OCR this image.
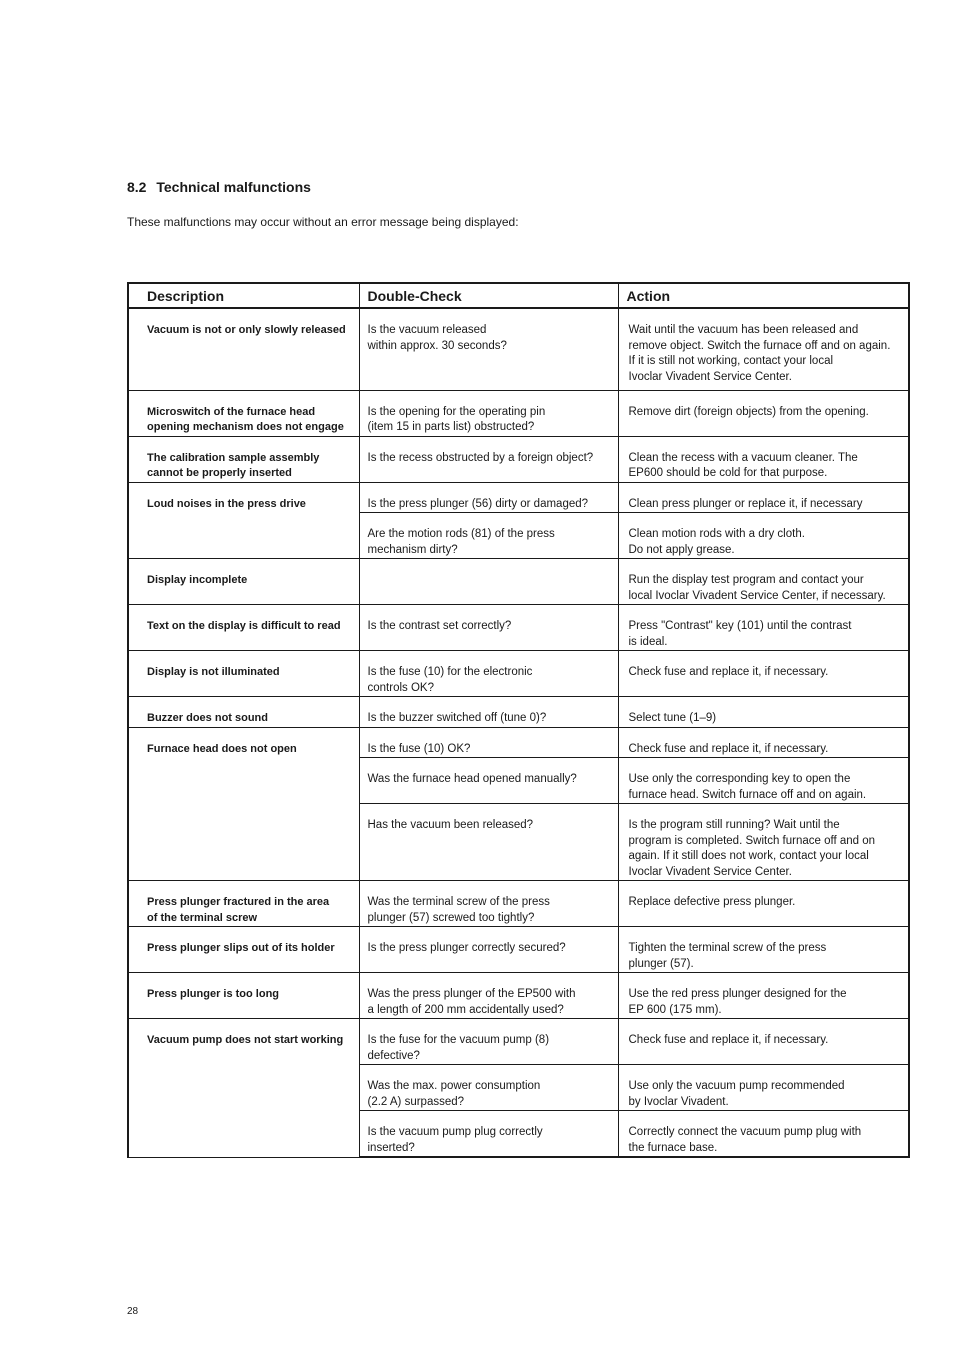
8.2 Technical malfunctions

These malfunctions may occur without an error message being displayed:

Description	Double-Check	Action

Vacuum is not or only slowly released	Is the vacuum released
within approx. 30 seconds?	Wait until the vacuum has been released and
remove object. Switch the furnace off and on again.
If it is still not working, contact your local
Ivoclar Vivadent Service Center.

Microswitch of the furnace head
opening mechanism does not engage	Is the opening for the operating pin
(item 15 in parts list) obstructed?	Remove dirt (foreign objects) from the opening.

The calibration sample assembly
cannot be properly inserted	Is the recess obstructed by a foreign object?	Clean the recess with a vacuum cleaner. The
EP600 should be cold for that purpose.

Loud noises in the press drive	Is the press plunger (56) dirty or damaged?	Clean press plunger or replace it, if necessary

	Are the motion rods (81) of the press
mechanism dirty?	Clean motion rods with a dry cloth.
Do not apply grease.

Display incomplete		Run the display test program and contact your
local Ivoclar Vivadent Service Center, if necessary.

Text on the display is difficult to read	Is the contrast set correctly?	Press "Contrast" key (101) until the contrast
is ideal.

Display is not illuminated	Is the fuse (10) for the electronic
controls OK?	Check fuse and replace it, if necessary.

Buzzer does not sound	Is the buzzer switched off (tune 0)?	Select tune (1–9)

Furnace head does not open	Is the fuse (10) OK?	Check fuse and replace it, if necessary.

	Was the furnace head opened manually?	Use only the corresponding key to open the
furnace head. Switch furnace off and on again.

	Has the vacuum been released?	Is the program still running? Wait until the
program is completed. Switch furnace off and on
again. If it still does not work, contact your local
Ivoclar Vivadent Service Center.

Press plunger fractured in the area
of the terminal screw	Was the terminal screw of the press
plunger (57) screwed too tightly?	Replace defective press plunger.

Press plunger slips out of its holder	Is the press plunger correctly secured?	Tighten the terminal screw of the press
plunger (57).

Press plunger is too long	Was the press plunger of the EP500 with
a length of 200 mm accidentally used?	Use the red press plunger designed for the
EP 600 (175 mm).

Vacuum pump does not start working	Is the fuse for the vacuum pump (8)
defective?	Check fuse and replace it, if necessary.

	Was the max. power consumption
(2.2 A) surpassed?	Use only the vacuum pump recommended
by Ivoclar Vivadent.

	Is the vacuum pump plug correctly
inserted?	Correctly connect the vacuum pump plug with
the furnace base.

28
